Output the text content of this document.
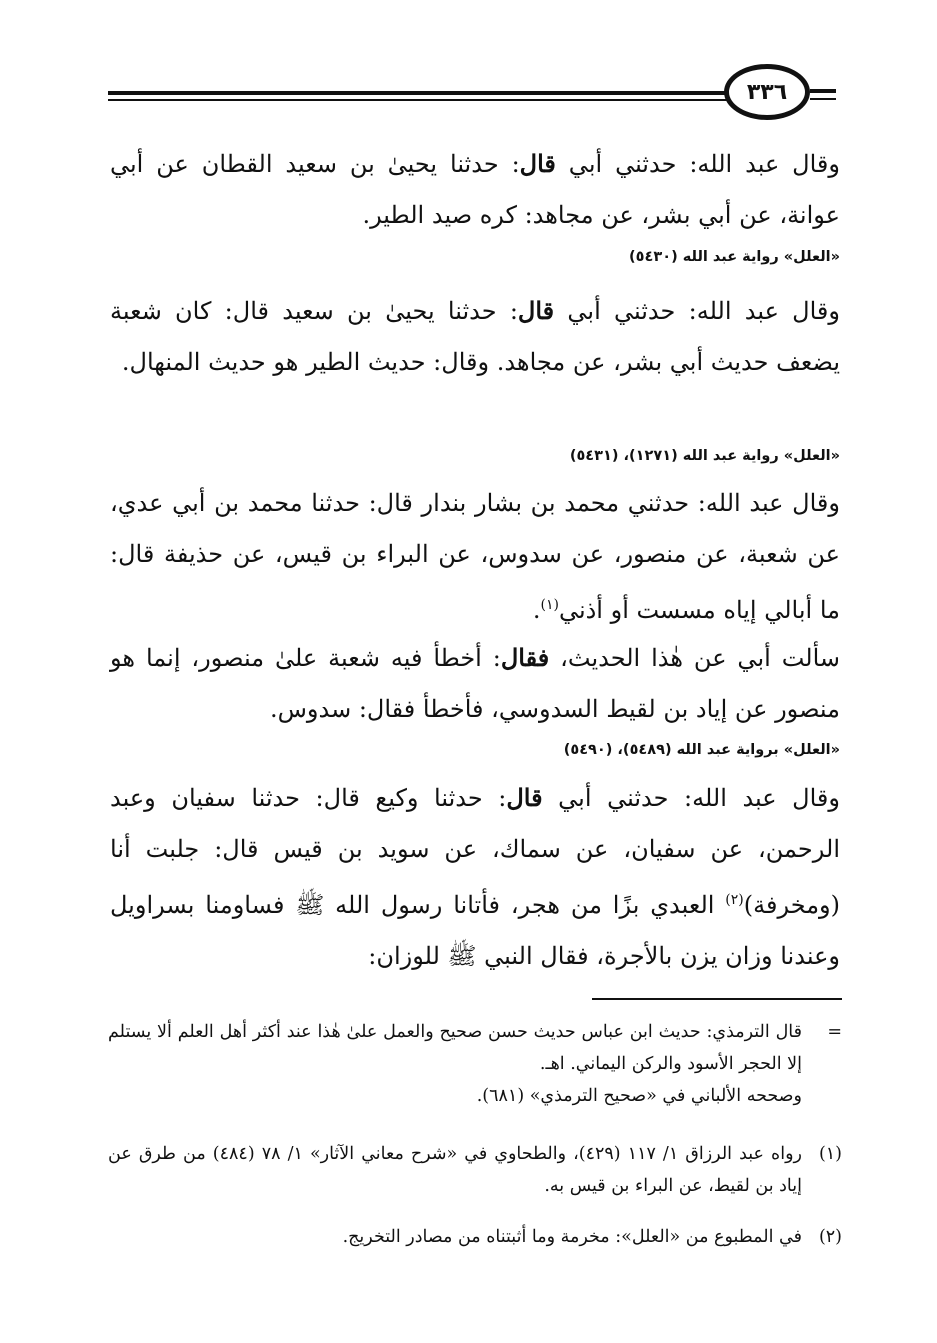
٣٣٦
وقال عبد الله: حدثني أبي قال: حدثنا يحيىٰ بن سعيد القطان عن أبي عوانة، عن أبي بشر، عن مجاهد: كره صيد الطير.
«العلل» رواية عبد الله (٥٤٣٠)
وقال عبد الله: حدثني أبي قال: حدثنا يحيىٰ بن سعيد قال: كان شعبة يضعف حديث أبي بشر، عن مجاهد. وقال: حديث الطير هو حديث المنهال.
«العلل» رواية عبد الله (١٢٧١)، (٥٤٣١)
وقال عبد الله: حدثني محمد بن بشار بندار قال: حدثنا محمد بن أبي عدي، عن شعبة، عن منصور، عن سدوس، عن البراء بن قيس، عن حذيفة قال: ما أبالي إياه مسست أو أذني$^{(١)}$.
سألت أبي عن هٰذا الحديث، فقال: أخطأ فيه شعبة علىٰ منصور، إنما هو منصور عن إياد بن لقيط السدوسي، فأخطأ فقال: سدوس.
«العلل» برواية عبد الله (٥٤٨٩)، (٥٤٩٠)
وقال عبد الله: حدثني أبي قال: حدثنا وكيع قال: حدثنا سفيان وعبد الرحمن، عن سفيان، عن سماك، عن سويد بن قيس قال: جلبت أنا (ومخرفة)$^{(٢)}$ العبدي بزًا من هجر، فأتانا رسول الله ﷺ فساومنا بسراويل وعندنا وزان يزن بالأجرة، فقال النبي ﷺ للوزان:
=
قال الترمذي: حديث ابن عباس حديث حسن صحيح والعمل علىٰ هٰذا عند أكثر أهل العلم ألا يستلم إلا الحجر الأسود والركن اليماني. اهـ.
وصححه الألباني في «صحيح الترمذي» (٦٨١).
(١)
رواه عبد الرزاق ١/ ١١٧ (٤٢٩)، والطحاوي في «شرح معاني الآثار» ١/ ٧٨ (٤٨٤) من طرق عن إياد بن لقيط، عن البراء بن قيس به.
(٢)
في المطبوع من «العلل»: مخرمة وما أثبتناه من مصادر التخريج.
